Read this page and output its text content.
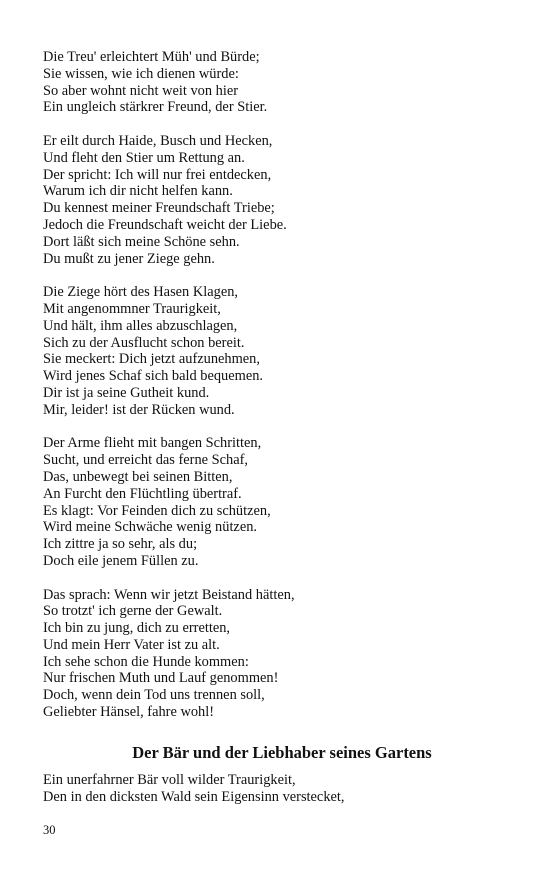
Die Treu' erleichtert Müh' und Bürde;
Sie wissen, wie ich dienen würde:
So aber wohnt nicht weit von hier
Ein ungleich stärkrer Freund, der Stier.
Er eilt durch Haide, Busch und Hecken,
Und fleht den Stier um Rettung an.
Der spricht: Ich will nur frei entdecken,
Warum ich dir nicht helfen kann.
Du kennest meiner Freundschaft Triebe;
Jedoch die Freundschaft weicht der Liebe.
Dort läßt sich meine Schöne sehn.
Du mußt zu jener Ziege gehn.
Die Ziege hört des Hasen Klagen,
Mit angenommner Traurigkeit,
Und hält, ihm alles abzuschlagen,
Sich zu der Ausflucht schon bereit.
Sie meckert: Dich jetzt aufzunehmen,
Wird jenes Schaf sich bald bequemen.
Dir ist ja seine Gutheit kund.
Mir, leider! ist der Rücken wund.
Der Arme flieht mit bangen Schritten,
Sucht, und erreicht das ferne Schaf,
Das, unbewegt bei seinen Bitten,
An Furcht den Flüchtling übertraf.
Es klagt: Vor Feinden dich zu schützen,
Wird meine Schwäche wenig nützen.
Ich zittre ja so sehr, als du;
Doch eile jenem Füllen zu.
Das sprach: Wenn wir jetzt Beistand hätten,
So trotzt' ich gerne der Gewalt.
Ich bin zu jung, dich zu erretten,
Und mein Herr Vater ist zu alt.
Ich sehe schon die Hunde kommen:
Nur frischen Muth und Lauf genommen!
Doch, wenn dein Tod uns trennen soll,
Geliebter Hänsel, fahre wohl!
Der Bär und der Liebhaber seines Gartens
Ein unerfahrner Bär voll wilder Traurigkeit,
Den in den dicksten Wald sein Eigensinn verstecket,
30
